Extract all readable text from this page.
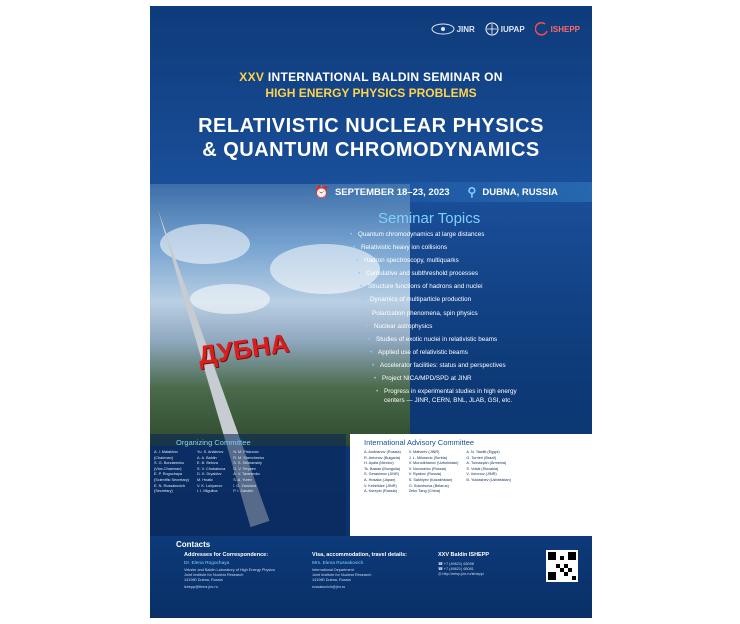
JINR	IUPAP	ISHEPP
XXV INTERNATIONAL BALDIN SEMINAR ON
HIGH ENERGY PHYSICS PROBLEMS
RELATIVISTIC NUCLEAR PHYSICS
& QUANTUM CHROMODYNAMICS
ДУБНА
⏰ SEPTEMBER 18–23, 2023 ⚲ DUBNA, RUSSIA
Seminar Topics
• Quantum chromodynamics at large distances
• Relativistic heavy ion collisions
• Hadron spectroscopy, multiquarks
• Cumulative and subthreshold processes
• Structure functions of hadrons and nuclei
• Dynamics of multiparticle production
• Polarization phenomena, spin physics
• Nuclear astrophysics
• Studies of exotic nuclei in relativistic beams
• Applied use of relativistic beams
• Accelerator facilities: status and perspectives
• Project NICA/MPD/SPD at JINR
• Progress in experimental studies in high energy centers — JINR, CERN, BNL, JLAB, GSI, etc.
Organizing Committee
A. I. Malakhov
(Chairman)
S. G. Bondarenko
(Vice-Chairman)
E. P. Rogochaya
(Scientific Secretary)
E. N. Russakovich
(Secretary)
Yu. S. Anisimov
A. A. Baldin
E. B. Belova
S. V. Chubakova
D. K. Dryablov
M. Hnatic
V. K. Lukyanov
I. I. Migulina
N. M. Piskunov
R. M. Shevchenko
S. S. Shimanskiy
O. V. Teryaev
A. V. Taranenko
S. A. Yurev
I. G. Zarubina
P. I. Zarubin
International Advisory Committee
A. Andrianov (Russia)
R. Antonov (Bulgaria)
H. Ayala (Mexico)
Ts. Baatar (Mongolia)
S. Gerasimov (JINR)
A. Hosaka (Japan)
V. Kekelidze (JINR)
A. Kurepin (Russia)
V. Matveev (JINR)
J. L. Milosevic (Serbia)
V. Murodkhanov (Uzbekistan)
V. Novoselov (Russia)
V. Ryabov (Russia)
S. Sakhiyev (Kazakhstan)
O. Solovtsova (Belarus)
Zebo Tang (China)
A. N. Tawfik (Egypt)
G. Torrieri (Brazil)
A. Tumasyan (Armenia)
S. Vokál (Slovakia)
V. Voronov (JINR)
B. Yuldashev (Uzbekistan)
Contacts
Addresses for Correspondence:
Dr. Elena Rogochaya
Veksler and Baldin Laboratory of High Energy Physics
Joint Institute for Nuclear Research
141980 Dubna, Russia
ishepp@theor.jinr.ru
Visa, accommodation, travel details:
Mrs. Elena Russakovich
International Department
Joint Institute for Nuclear Research
141980 Dubna, Russia
russakovich@jinr.ru
XXV Baldin ISHEPP
☎ +7 (49621) 63098
☎ +7 (49621) 65081
◎ http://relnp.jinr.ru/ishepp/
